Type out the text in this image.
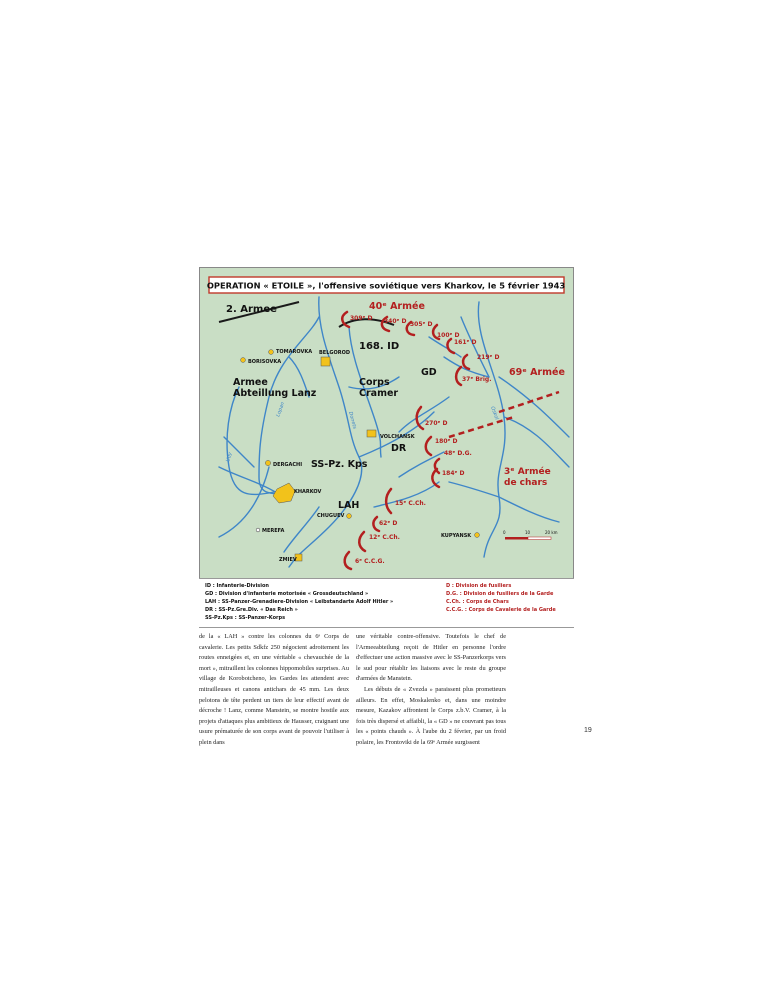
OPERATION « ETOILE », l'offensive soviétique vers Kharkov, le 5 février 1943
BORISOVKA
TOMAROVKA BELGOROD
VOLCHANSK
DERGACHI
KHARKOV
CHUGUEV
MEREFA
ZMIEV
KUPYANSK
Lopan
Donets
Udy
Oskol
2. Armee
168. ID
GD
Armee
Abteillung Lanz
Corps
Cramer
DR
SS-Pz. Kps
LAH
40ᵉ Armée
69ᵉ Armée
3ᵉ Armée
de chars
309ᵉ D 340ᵉ D 305ᵉ D
100ᵉ D
161ᵉ D
219ᵉ D
37ᵉ Brig.
270ᵉ D
180ᵉ D
48ᵉ D.G.
184ᵉ D
15ᵉ C.Ch.
62ᵉ D
12ᵉ C.Ch.
6ᵉ C.C.G.
0	10	20 km
ID : Infanterie-Division
GD : Division d'infanterie motorisée « Grossdeutschland »
LAH : SS-Panzer-Grenadiere-Division « Leibstandarte Adolf Hitler »
DR : SS-Pz.Gre.Div. « Das Reich »
SS-Pz.Kps : SS-Panzer-Korps
D : Division de fusiliers
D.G. : Division de fusiliers de la Garde
C.Ch. : Corps de Chars
C.C.G. : Corps de Cavalerie de la Garde

de la « LAH » contre les colonnes du 6ᵉ Corps de cavalerie. Les petits Sdkfz 250 négocient adroitement les routes enneigées et, en une véritable « chevauchée de la mort », mitraillent les colonnes hippomobiles surprises. Au village de Korobotcheno, les Gardes les attendent avec mitrailleuses et canons antichars de 45 mm. Les deux pelotons de tête perdent un tiers de leur effectif avant de décroche ! Lanz, comme Manstein, se montre hostile aux projets d'attaques plus ambitieux de Hausser, craignant une usure prématurée de son corps avant de pouvoir l'utiliser à plein dans

une véritable contre-offensive. Toutefois le chef de l'Armeeabteilung reçoit de Hitler en personne l'ordre d'effectuer une action massive avec le SS-Panzerkorps vers le sud pour rétablir les liaisons avec le reste du groupe d'armées de Manstein.

Les débuts de « Zvezda » paraissent plus prometteurs ailleurs. En effet, Moskalenko et, dans une moindre mesure, Kazakov affrontent le Corps z.b.V. Cramer, à la fois très dispersé et affaibli, la « GD » ne couvrant pas tous les « points chauds ». À l'aube du 2 février, par un froid polaire, les Frontoviki de la 69ᵉ Armée surgissent

19
